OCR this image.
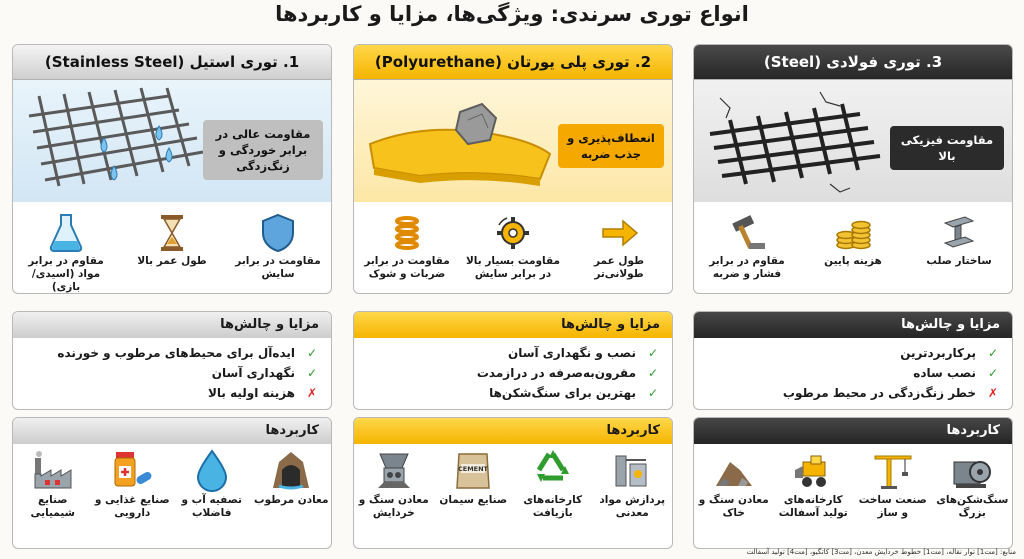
انواع توری سرندی: ویژگی‌ها، مزایا و کاربردها
1. توری استیل (Stainless Steel)
مقاومت عالی در برابر خوردگی و زنگ‌زدگی
مقاومت در برابر سایش
طول عمر بالا
مقاوم در برابر مواد (اسیدی/بازی)
2. توری پلی یورتان (Polyurethane)
انعطاف‌پذیری و جذب ضربه
طول عمر طولانی‌تر
مقاومت بسیار بالا در برابر سایش
مقاومت در برابر ضربات و شوک
3. توری فولادی (Steel)
مقاومت فیزیکی بالا
ساختار صلب
هزینه پایین
مقاوم در برابر فشار و ضربه
مزایا و چالش‌ها
✓ایده‌آل برای محیط‌های مرطوب و خورنده
✓نگهداری آسان
✗هزینه اولیه بالا
مزایا و چالش‌ها
✓نصب و نگهداری آسان
✓مقرون‌به‌صرفه در درازمدت
✓بهترین برای سنگ‌شکن‌ها
مزایا و چالش‌ها
✓پرکاربردترین
✓نصب ساده
✗خطر زنگ‌زدگی در محیط مرطوب
کاربردها
معادن مرطوب
تصفیه آب و فاضلاب
صنایع غذایی و دارویی
صنایع شیمیایی
کاربردها
پردازش مواد معدنی
کارخانه‌های بازیافت
CEMENT
صنایع سیمان
معادن سنگ و خردایش
کاربردها
سنگ‌شکن‌های بزرگ
صنعت ساخت و ساز
کارخانه‌های تولید آسفالت
معادن سنگ و خاک
منابع: [مت1] توار نقاله، [مت1] خطوط خردایش معدن، [مت3] کاتگیو، [مت4] تولید آسفالت
